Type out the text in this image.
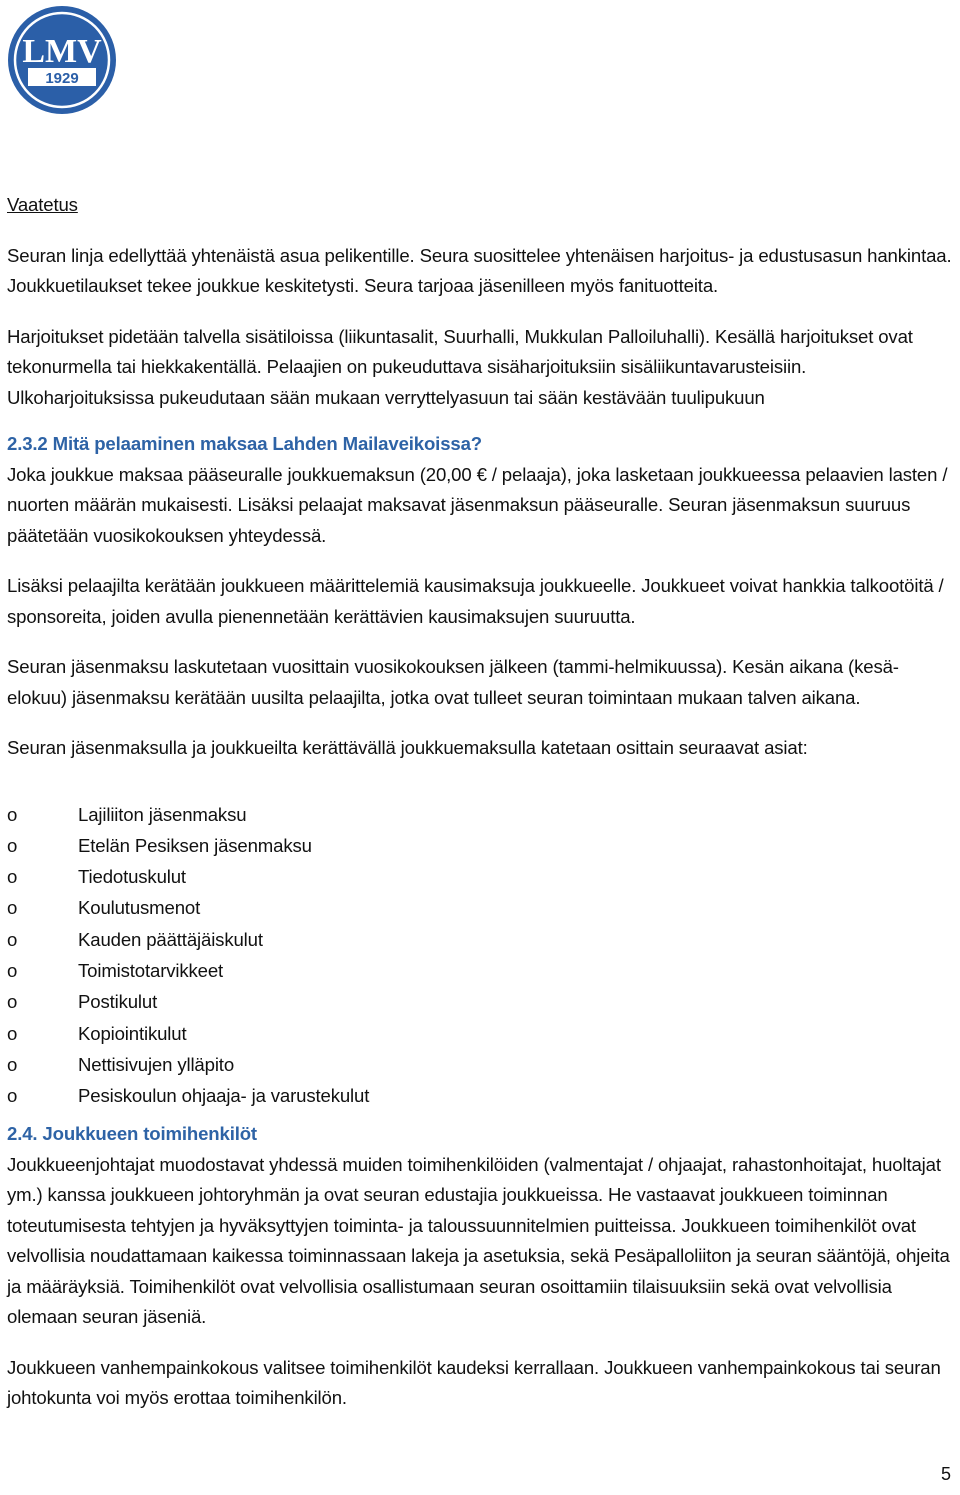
LMV
1929

Vaatetus

Seuran linja edellyttää yhtenäistä asua pelikentille. Seura suosittelee yhtenäisen harjoitus- ja edustusasun hankintaa. Joukkuetilaukset tekee joukkue keskitetysti. Seura tarjoaa jäsenilleen myös fanituotteita.

Harjoitukset pidetään talvella sisätiloissa (liikuntasalit, Suurhalli, Mukkulan Palloiluhalli). Kesällä harjoitukset ovat tekonurmella tai hiekkakentällä. Pelaajien on pukeuduttava sisäharjoituksiin sisäliikuntavarusteisiin. Ulkoharjoituksissa pukeudutaan sään mukaan verryttelyasuun tai sään kestävään tuulipukuun

2.3.2 Mitä pelaaminen maksaa Lahden Mailaveikoissa?

Joka joukkue maksaa pääseuralle joukkuemaksun (20,00 € / pelaaja), joka lasketaan joukkueessa pelaavien lasten / nuorten määrän mukaisesti. Lisäksi pelaajat maksavat jäsenmaksun pääseuralle. Seuran jäsenmaksun suuruus päätetään vuosikokouksen yhteydessä.

Lisäksi pelaajilta kerätään joukkueen määrittelemiä kausimaksuja joukkueelle. Joukkueet voivat hankkia talkootöitä / sponsoreita, joiden avulla pienennetään kerättävien kausimaksujen suuruutta.

Seuran jäsenmaksu laskutetaan vuosittain vuosikokouksen jälkeen (tammi-helmikuussa). Kesän aikana (kesä-elokuu) jäsenmaksu kerätään uusilta pelaajilta, jotka ovat tulleet seuran toimintaan mukaan talven aikana.

Seuran jäsenmaksulla ja joukkueilta kerättävällä joukkuemaksulla katetaan osittain seuraavat asiat:

o	Lajiliiton jäsenmaksu
o	Etelän Pesiksen jäsenmaksu
o	Tiedotuskulut
o	Koulutusmenot
o	Kauden päättäjäiskulut
o	Toimistotarvikkeet
o	Postikulut
o	Kopiointikulut
o	Nettisivujen ylläpito
o	Pesiskoulun ohjaaja- ja varustekulut

2.4. Joukkueen toimihenkilöt

Joukkueenjohtajat muodostavat yhdessä muiden toimihenkilöiden (valmentajat / ohjaajat, rahastonhoitajat, huoltajat ym.) kanssa joukkueen johtoryhmän ja ovat seuran edustajia joukkueissa. He vastaavat joukkueen toiminnan toteutumisesta tehtyjen ja hyväksyttyjen toiminta- ja taloussuunnitelmien puitteissa. Joukkueen toimihenkilöt ovat velvollisia noudattamaan kaikessa toiminnassaan lakeja ja asetuksia, sekä Pesäpalloliiton ja seuran sääntöjä, ohjeita ja määräyksiä. Toimihenkilöt ovat velvollisia osallistumaan seuran osoittamiin tilaisuuksiin sekä ovat velvollisia olemaan seuran jäseniä.

Joukkueen vanhempainkokous valitsee toimihenkilöt kaudeksi kerrallaan. Joukkueen vanhempainkokous tai seuran johtokunta voi myös erottaa toimihenkilön.

5
